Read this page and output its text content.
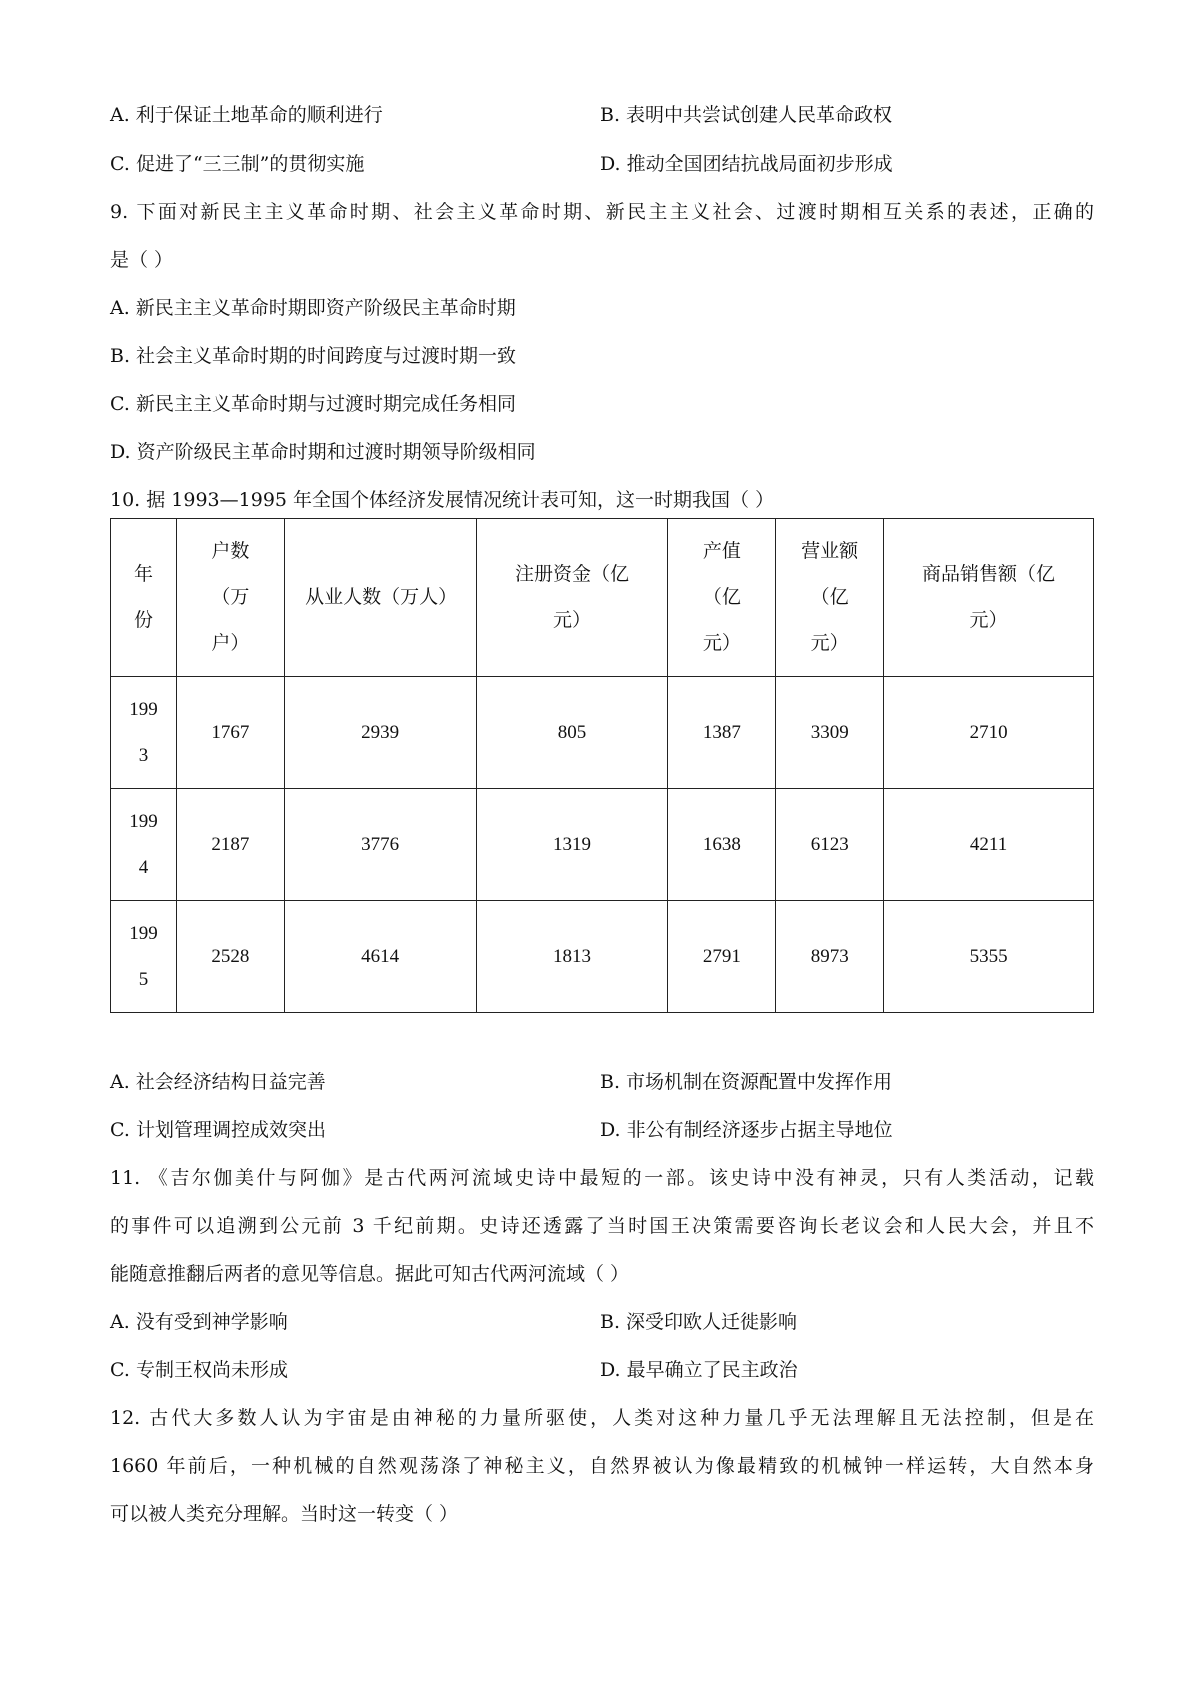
A. 利于保证土地革命的顺利进行	B. 表明中共尝试创建人民革命政权
C. 促进了“三三制”的贯彻实施	D. 推动全国团结抗战局面初步形成
9. 下面对新民主主义革命时期、社会主义革命时期、新民主主义社会、过渡时期相互关系的表述，正确的
是（ ）
A. 新民主主义革命时期即资产阶级民主革命时期
B. 社会主义革命时期的时间跨度与过渡时期一致
C. 新民主主义革命时期与过渡时期完成任务相同
D. 资产阶级民主革命时期和过渡时期领导阶级相同
10. 据 1993—1995 年全国个体经济发展情况统计表可知，这一时期我国（ ）
年份	户数（万户）	从业人数（万人）	注册资金（亿元）	产值（亿元）	营业额（亿元）	商品销售额（亿元）
1993	1767	2939	805	1387	3309	2710
1994	2187	3776	1319	1638	6123	4211
1995	2528	4614	1813	2791	8973	5355
A. 社会经济结构日益完善	B. 市场机制在资源配置中发挥作用
C. 计划管理调控成效突出	D. 非公有制经济逐步占据主导地位
11. 《吉尔伽美什与阿伽》是古代两河流域史诗中最短的一部。该史诗中没有神灵，只有人类活动，记载
的事件可以追溯到公元前 3 千纪前期。史诗还透露了当时国王决策需要咨询长老议会和人民大会，并且不
能随意推翻后两者的意见等信息。据此可知古代两河流域（ ）
A. 没有受到神学影响	B. 深受印欧人迁徙影响
C. 专制王权尚未形成	D. 最早确立了民主政治
12. 古代大多数人认为宇宙是由神秘的力量所驱使，人类对这种力量几乎无法理解且无法控制，但是在
1660 年前后，一种机械的自然观荡涤了神秘主义，自然界被认为像最精致的机械钟一样运转，大自然本身
可以被人类充分理解。当时这一转变（ ）
